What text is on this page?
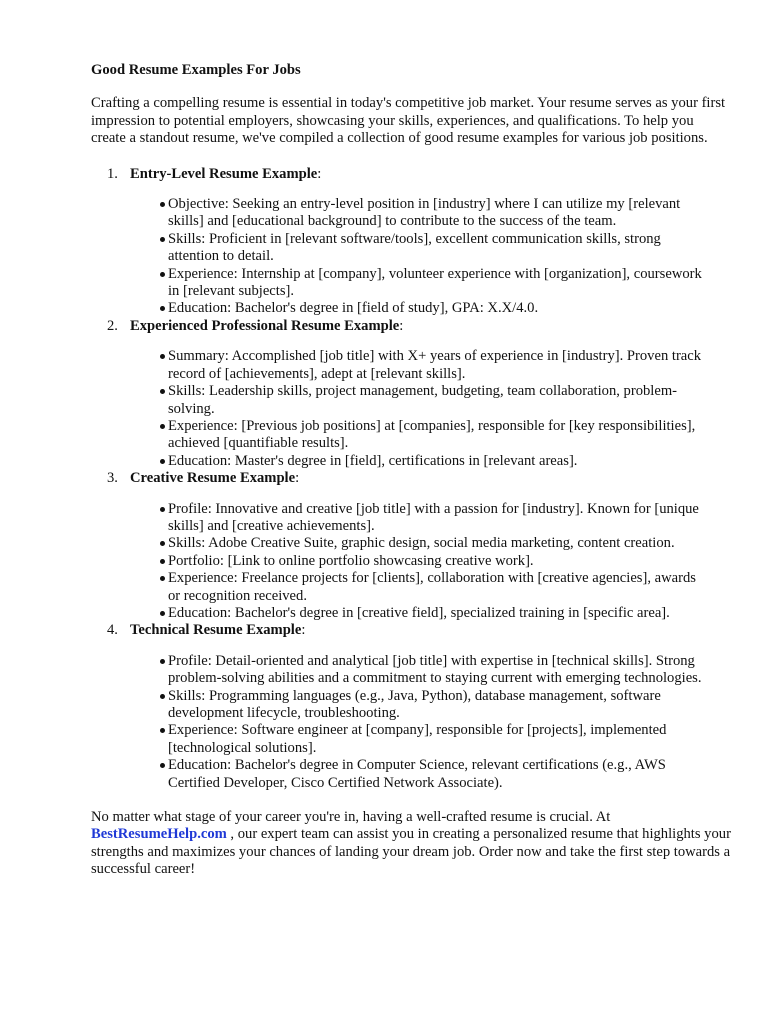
Good Resume Examples For Jobs

Crafting a compelling resume is essential in today's competitive job market. Your resume serves as your first impression to potential employers, showcasing your skills, experiences, and qualifications. To help you create a standout resume, we've compiled a collection of good resume examples for various job positions.

1. Entry-Level Resume Example:
Objective: Seeking an entry-level position in [industry] where I can utilize my [relevant skills] and [educational background] to contribute to the success of the team.
Skills: Proficient in [relevant software/tools], excellent communication skills, strong attention to detail.
Experience: Internship at [company], volunteer experience with [organization], coursework in [relevant subjects].
Education: Bachelor's degree in [field of study], GPA: X.X/4.0.
2. Experienced Professional Resume Example:
Summary: Accomplished [job title] with X+ years of experience in [industry]. Proven track record of [achievements], adept at [relevant skills].
Skills: Leadership skills, project management, budgeting, team collaboration, problem-solving.
Experience: [Previous job positions] at [companies], responsible for [key responsibilities], achieved [quantifiable results].
Education: Master's degree in [field], certifications in [relevant areas].
3. Creative Resume Example:
Profile: Innovative and creative [job title] with a passion for [industry]. Known for [unique skills] and [creative achievements].
Skills: Adobe Creative Suite, graphic design, social media marketing, content creation.
Portfolio: [Link to online portfolio showcasing creative work].
Experience: Freelance projects for [clients], collaboration with [creative agencies], awards or recognition received.
Education: Bachelor's degree in [creative field], specialized training in [specific area].
4. Technical Resume Example:
Profile: Detail-oriented and analytical [job title] with expertise in [technical skills]. Strong problem-solving abilities and a commitment to staying current with emerging technologies.
Skills: Programming languages (e.g., Java, Python), database management, software development lifecycle, troubleshooting.
Experience: Software engineer at [company], responsible for [projects], implemented [technological solutions].
Education: Bachelor's degree in Computer Science, relevant certifications (e.g., AWS Certified Developer, Cisco Certified Network Associate).

No matter what stage of your career you're in, having a well-crafted resume is crucial. At
BestResumeHelp.com , our expert team can assist you in creating a personalized resume that highlights your strengths and maximizes your chances of landing your dream job. Order now and take the first step towards a successful career!
